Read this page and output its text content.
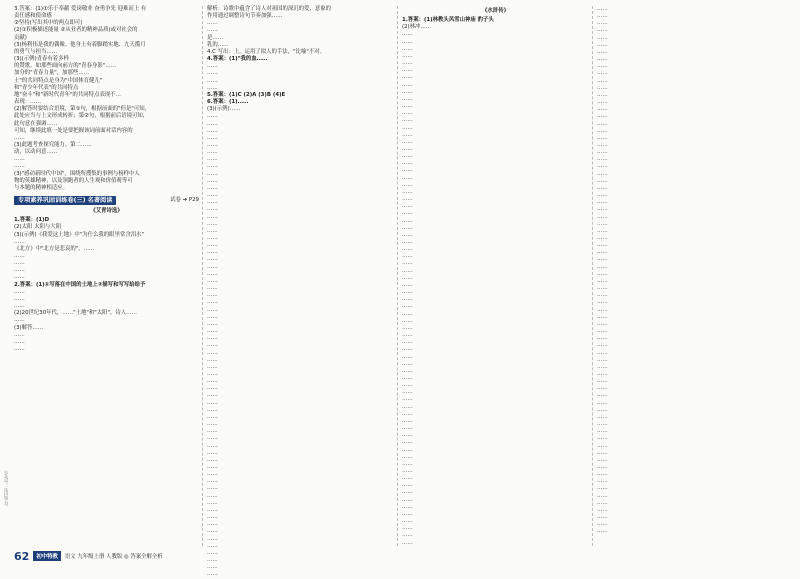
3.答案：(1)①乐于奉献 爱岗敬业 奋勇争先 迎难而上 有
责任感和使命感
②坚持(写出其中的两点即可)
(2)①积极描述能量 ②从业者的精神品质(或对社会的
贡献)
(3)杨利伟是我的偶像。他身上有着脚踏实地、九天揽月
的勇气与担当……
(3)(示例)青春有着多样
的赞歌。如那些面向前方的"青春身影"……
加分的"青春力量"，加那些……
士"的共同特点是身为"中国体育健儿"
和"青少年代表"的共同特点
地"奋斗"和"新时代青年"的共同特点表现不…
表现：……
(2)解答时要结合语境，第①句，根据前面的"但是"可知，
此处应当与上文形成转折；第②句，根据前后语境可知，
此句意在强调……
可知，继续此填一处是要把握该词前面对话内容的
……
(3)此题考查探究能力。第二……
动，以动问意……
……
……
(3)"感动新时代中国"，围绕所搜集的事例与榜样中人
物的英雄精神，以及领跑者的人生观和价值观等可
与本题的精神相适应。
专项素养巩固训练卷(三) 名著阅读	试卷 ➔ P29
《艾青诗选》
1.答案：(1)D
(2)太阳 太阳与大阳
(3)(示例)《我爱这土地》中"为什么我的眼里常含泪水"
……
《北方》中"北方是悲哀的"，……
……
……
……
……
2.答案：(1)①写落在中国的土地上②描写和写写给给予
……
……
……
(2)20世纪30年代，……"土地"和"太阳"，诗人……
……
(3)解答……
……
……
……
解析：诗歌中蕴含了诗人对祖国的深沉的爱，意象的
作用通过调整诗句节奏加强……
……
……
是……
乳的……
4.C 写出：上，运用了拟人的手法，"比喻"不对。
4.答案：(1)"我的血……
……
……
……
……
5.答案：(1)C (2)A (3)B (4)E
6.答案：(1)……
(3)(示例)……
……
……
……
……
……
……
……
……
……
……
……
……
……
……
……
……
……
……
……
……
……
……
……
……
……
……
……
……
……
……
……
……
……
……
……
……
……
……
……
……
……
……
……
……
……
……
……
……
……
……
……
……
……
……
……
……
……
……
……
……
……
……
……
……
……
《水浒传》
1.答案：(1)林教头风雪山神庙 豹子头
(2)林冲……
……
……
……
……
……
……
……
……
……
……
……
……
……
……
……
……
……
……
……
……
……
……
……
……
……
……
……
……
……
……
……
……
……
……
……
……
……
……
……
……
……
……
……
……
……
……
……
……
……
……
……
……
……
……
……
……
……
……
……
……
……
……
……
……
……
……
……
……
……
……
……
……
……
……
……
……
……
……
……
……
……
……
……
……
……
……
……
……
……
……
……
……
……
……
……
……
……
……
……
……
……
……
……
……
……
……
……
……
……
……
……
……
……
……
……
……
……
……
……
……
……
……
……
……
……
……
……
……
……
……
……
……
……
……
……
……
……
……
……
……
……
……
……
……
……
……
公众号：乐过学习
62	初中特教	语文 九年级上册 人教版 ◎ 答案全解全析
